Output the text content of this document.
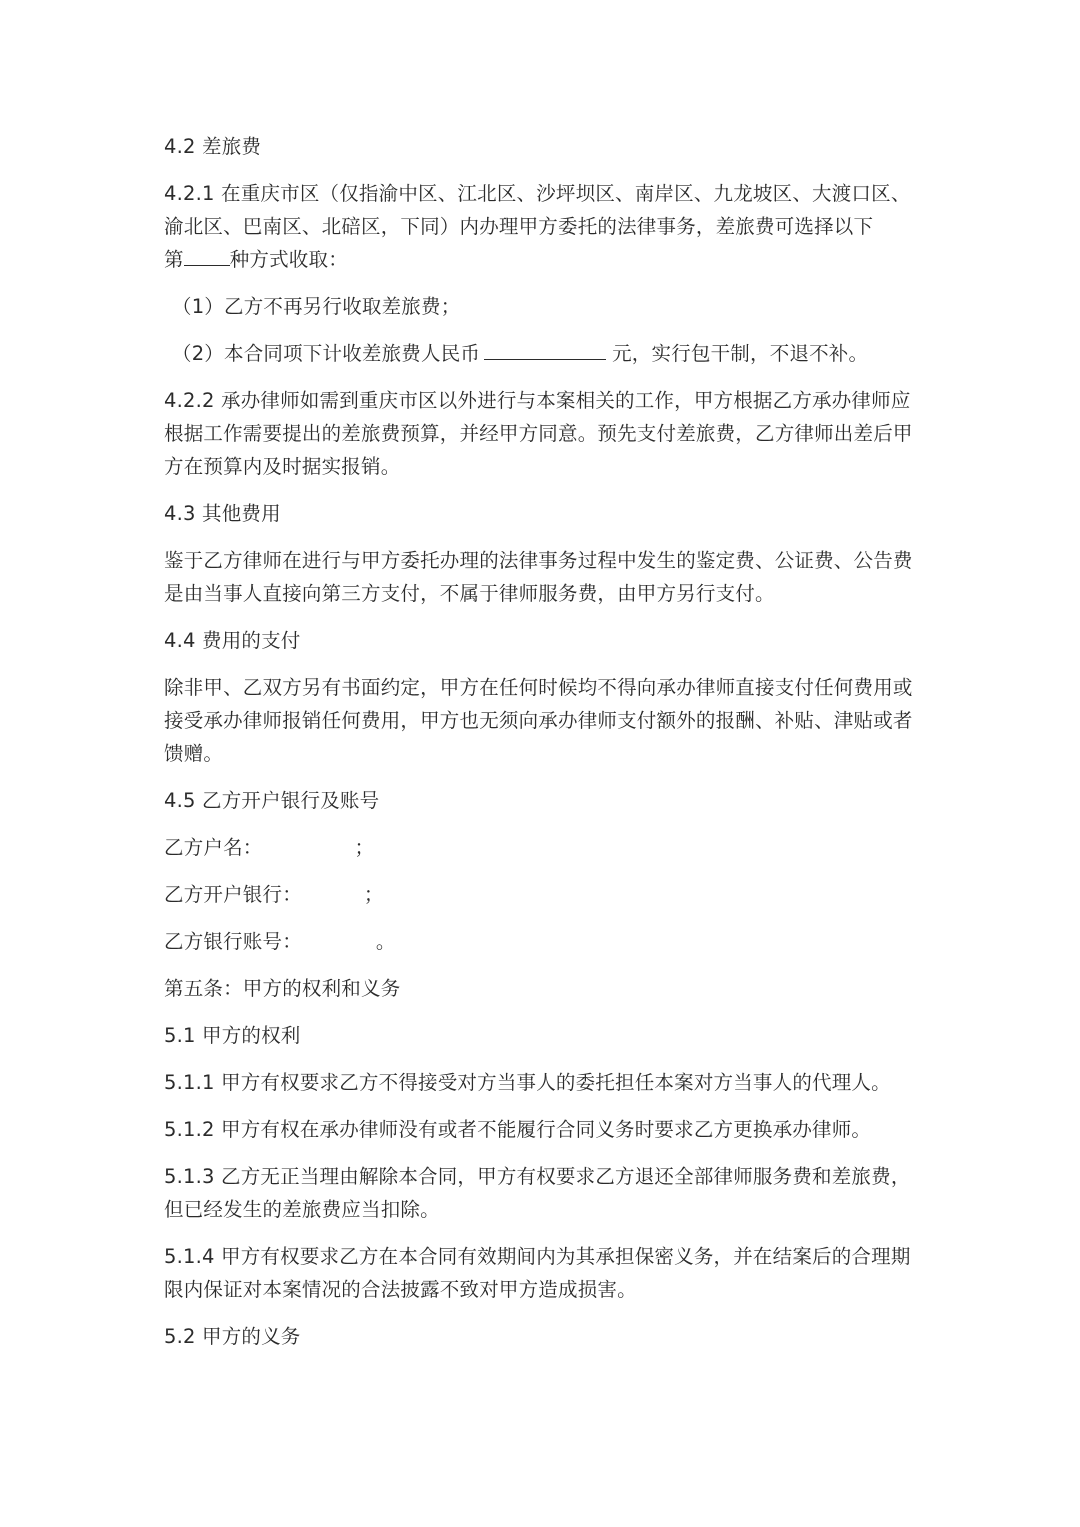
4.2 差旅费

4.2.1 在重庆市区（仅指渝中区、江北区、沙坪坝区、南岸区、九龙坡区、大渡口区、渝北区、巴南区、北碚区，下同）内办理甲方委托的法律事务，差旅费可选择以下
第 种方式收取：

（1）乙方不再另行收取差旅费；

（2）本合同项下计收差旅费人民币	元，实行包干制，不退不补。

4.2.2 承办律师如需到重庆市区以外进行与本案相关的工作，甲方根据乙方承办律师应根据工作需要提出的差旅费预算，并经甲方同意。预先支付差旅费，乙方律师出差后甲方在预算内及时据实报销。

4.3 其他费用

鉴于乙方律师在进行与甲方委托办理的法律事务过程中发生的鉴定费、公证费、公告费是由当事人直接向第三方支付，不属于律师服务费，由甲方另行支付。

4.4 费用的支付

除非甲、乙双方另有书面约定，甲方在任何时候均不得向承办律师直接支付任何费用或接受承办律师报销任何费用，甲方也无须向承办律师支付额外的报酬、补贴、津贴或者馈赠。

4.5 乙方开户银行及账号

乙方户名：	；

乙方开户银行：	；

乙方银行账号：	。

第五条：甲方的权利和义务

5.1 甲方的权利

5.1.1 甲方有权要求乙方不得接受对方当事人的委托担任本案对方当事人的代理人。

5.1.2 甲方有权在承办律师没有或者不能履行合同义务时要求乙方更换承办律师。

5.1.3 乙方无正当理由解除本合同，甲方有权要求乙方退还全部律师服务费和差旅费，但已经发生的差旅费应当扣除。

5.1.4 甲方有权要求乙方在本合同有效期间内为其承担保密义务，并在结案后的合理期限内保证对本案情况的合法披露不致对甲方造成损害。

5.2 甲方的义务
